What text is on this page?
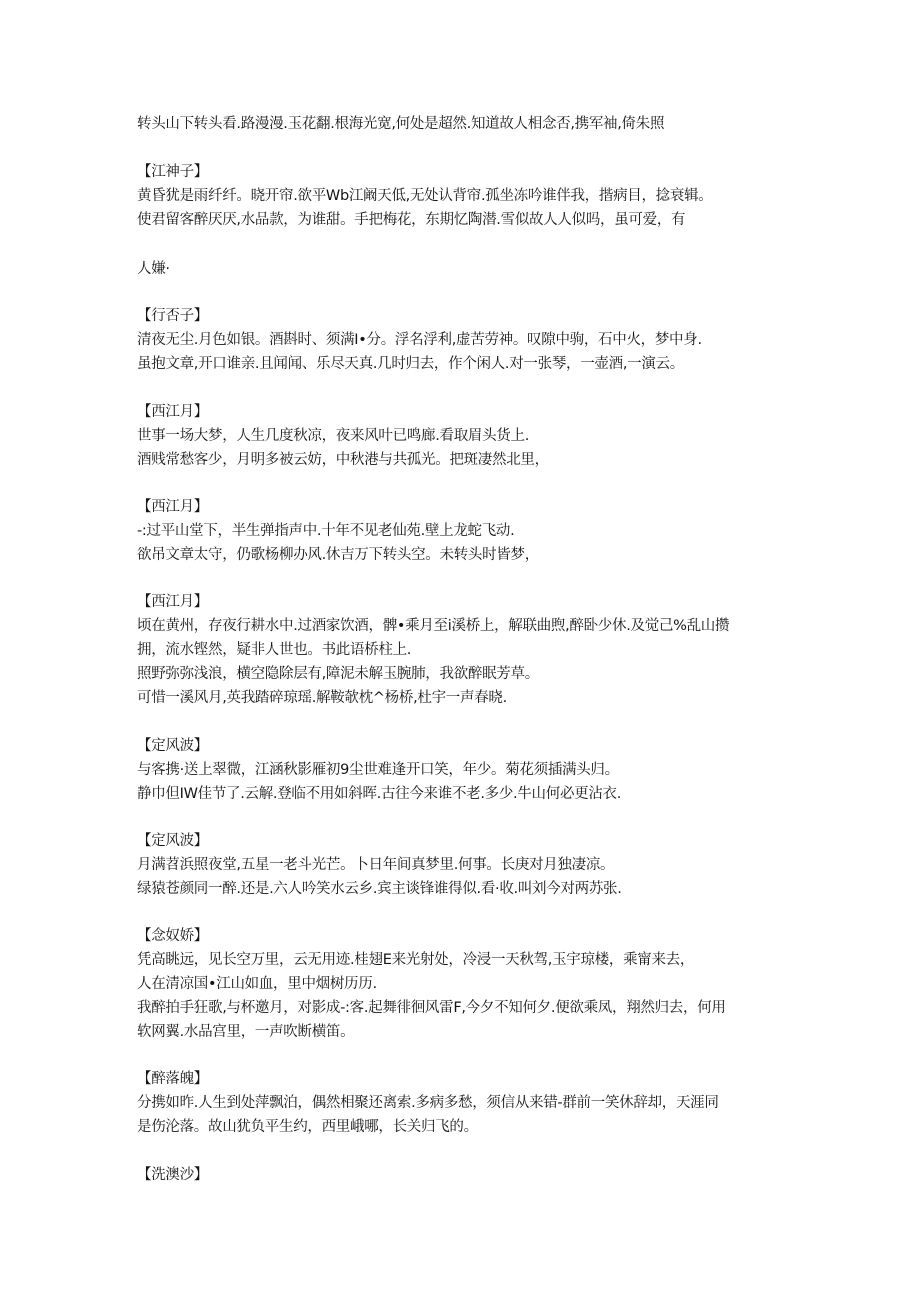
转头山下转头看.路漫漫.玉花翻.根海光宽,何处是超然.知道故人相念否,携军袖,倚朱照
【江神子】
黄昏犹是雨纤纤。晓开帘.欲平Wb江阚天低,无处认背帘.孤坐冻吟谁伴我，揩病目，捻衰辑。
使君留客醉厌厌,水品款，为谁甜。手把梅花，东期忆陶潜.雪似故人人似吗，虽可爱，有
人嫌·
【行否子】
清夜无尘.月色如银。酒斟时、须满I•分。浮名浮利,虚苦劳神。叹隙中驹，石中火，梦中身.
虽抱文章,开口谁亲.且闻闻、乐尽天真.几时归去，作个闲人.对一张琴，一壶酒,一演云。
【西江月】
世事一场大梦，人生几度秋凉，夜来风叶已鸣廊.看取眉头货上.
酒贱常愁客少，月明多被云妨，中秋港与共孤光。把斑凄然北里，
【西江月】
-:过平山堂下，半生弹指声中.十年不见老仙苑.壁上龙蛇飞动.
欲吊文章太守，仍歌杨柳办风.休吉万下转头空。未转头时皆梦，
【西江月】
顷在黄州，存夜行耕水中.过酒家饮酒，髀•乘月至i溪桥上，解联曲煦,醉卧少休.及觉己%乱山攒
拥，流水铿然，疑非人世也。书此语桥柱上.
照野弥弥浅浪，横空隐除层有,障泥未解玉腕肺，我欲醉眠芳草。
可惜一溪风月,英我踏碎琼瑶.解鞍欹枕^杨桥,杜宇一声春晓.
【定风波】
与客携·送上翠微，江涵秋影雁初9尘世难逢开口笑，年少。菊花须插满头归。
静巾但IW佳节了.云解.登临不用如斜晖.古往今来谁不老.多少.牛山何必更沾衣.
【定风波】
月满苕浜照夜堂,五星一老斗光芒。卜日年间真梦里.何事。长庚对月独凄凉。
绿猿苍颜同一醉.还是.六人吟笑水云乡.宾主谈锋谁得似.看·收.叫刘今对两苏张.
【念奴娇】
凭高眺远，见长空万里，云无用迹.桂翅E来光射处，冷浸一天秋驾,玉宇琼楼，乘甯来去，
人在清凉国•江山如血，里中烟树历历.
我醉拍手狂歌,与杯邀月，对影成-:客.起舞徘徊风雷F,今夕不知何夕.便欲乘凤，翔然归去，何用
软网翼.水品宫里，一声吹断横笛。
【醉落魄】
分携如昨.人生到处萍飘泊，偶然相聚还离索.多病多愁，须信从来错-群前一笑休辞却，天涯同
是伤沦落。故山犹负平生约，西里峨哪，长关归飞的。
【洗澳沙】
